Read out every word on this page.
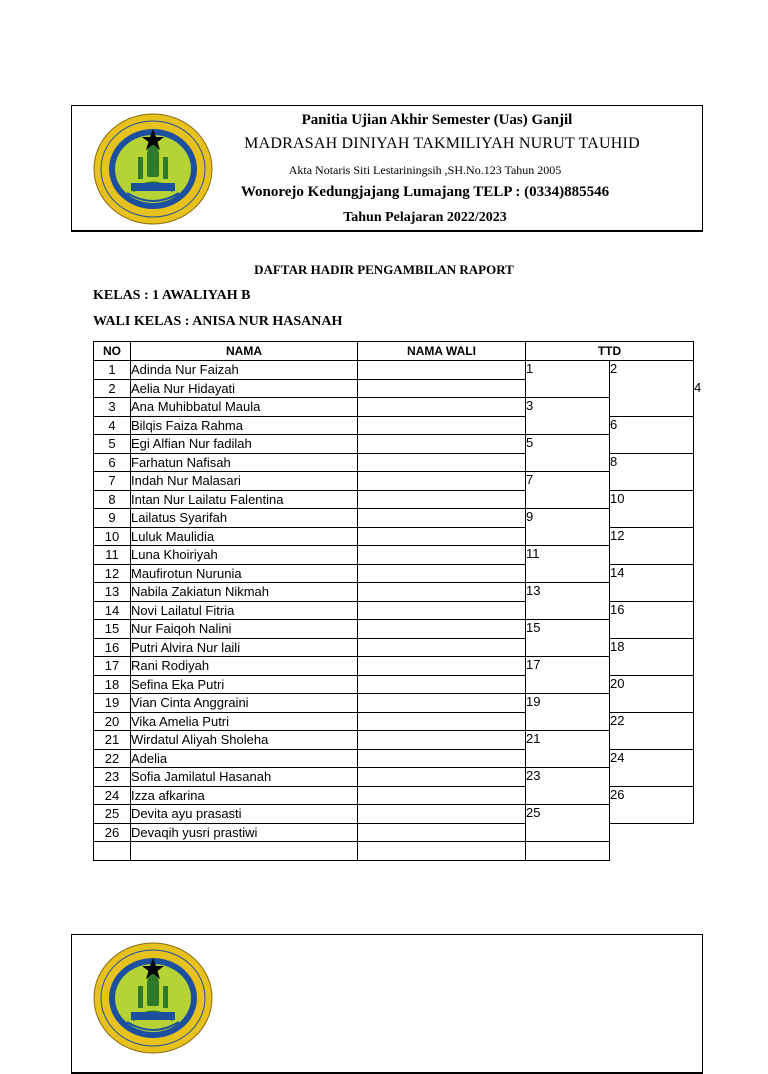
Panitia Ujian Akhir Semester (Uas) Ganjil
MADRASAH DINIYAH TAKMILIYAH NURUT TAUHID
Akta Notaris Siti Lestariningsih ,SH.No.123 Tahun 2005
Wonorejo Kedungjajang Lumajang TELP : (0334)885546
Tahun Pelajaran 2022/2023
DAFTAR HADIR PENGAMBILAN RAPORT
KELAS : 1 AWALIYAH B
WALI KELAS : ANISA NUR HASANAH
NO	NAMA	NAMA WALI	TTD		
1	Adinda Nur Faizah		1	2	
2	Aelia Nur Hidayati				4
3	Ana Muhibbatul Maula		3		
4	Bilqis Faiza Rahma			6	
5	Egi Alfian Nur fadilah		5		
6	Farhatun Nafisah			8	
7	Indah Nur Malasari		7		
8	Intan Nur Lailatu Falentina			10	
9	Lailatus Syarifah		9		
10	Luluk Maulidia			12	
11	Luna Khoiriyah		11		
12	Maufirotun Nurunia			14	
13	Nabila Zakiatun Nikmah		13		
14	Novi Lailatul Fitria			16	
15	Nur Faiqoh Nalini		15		
16	Putri Alvira Nur laili			18	
17	Rani Rodiyah		17		
18	Sefina Eka Putri			20	
19	Vian Cinta Anggraini		19		
20	Vika Amelia Putri			22	
21	Wirdatul Aliyah Sholeha		21		
22	Adelia			24	
23	Sofia Jamilatul Hasanah		23		
24	Izza afkarina			26	
25	Devita ayu prasasti		25		
26	Devaqih yusri prastiwi				
